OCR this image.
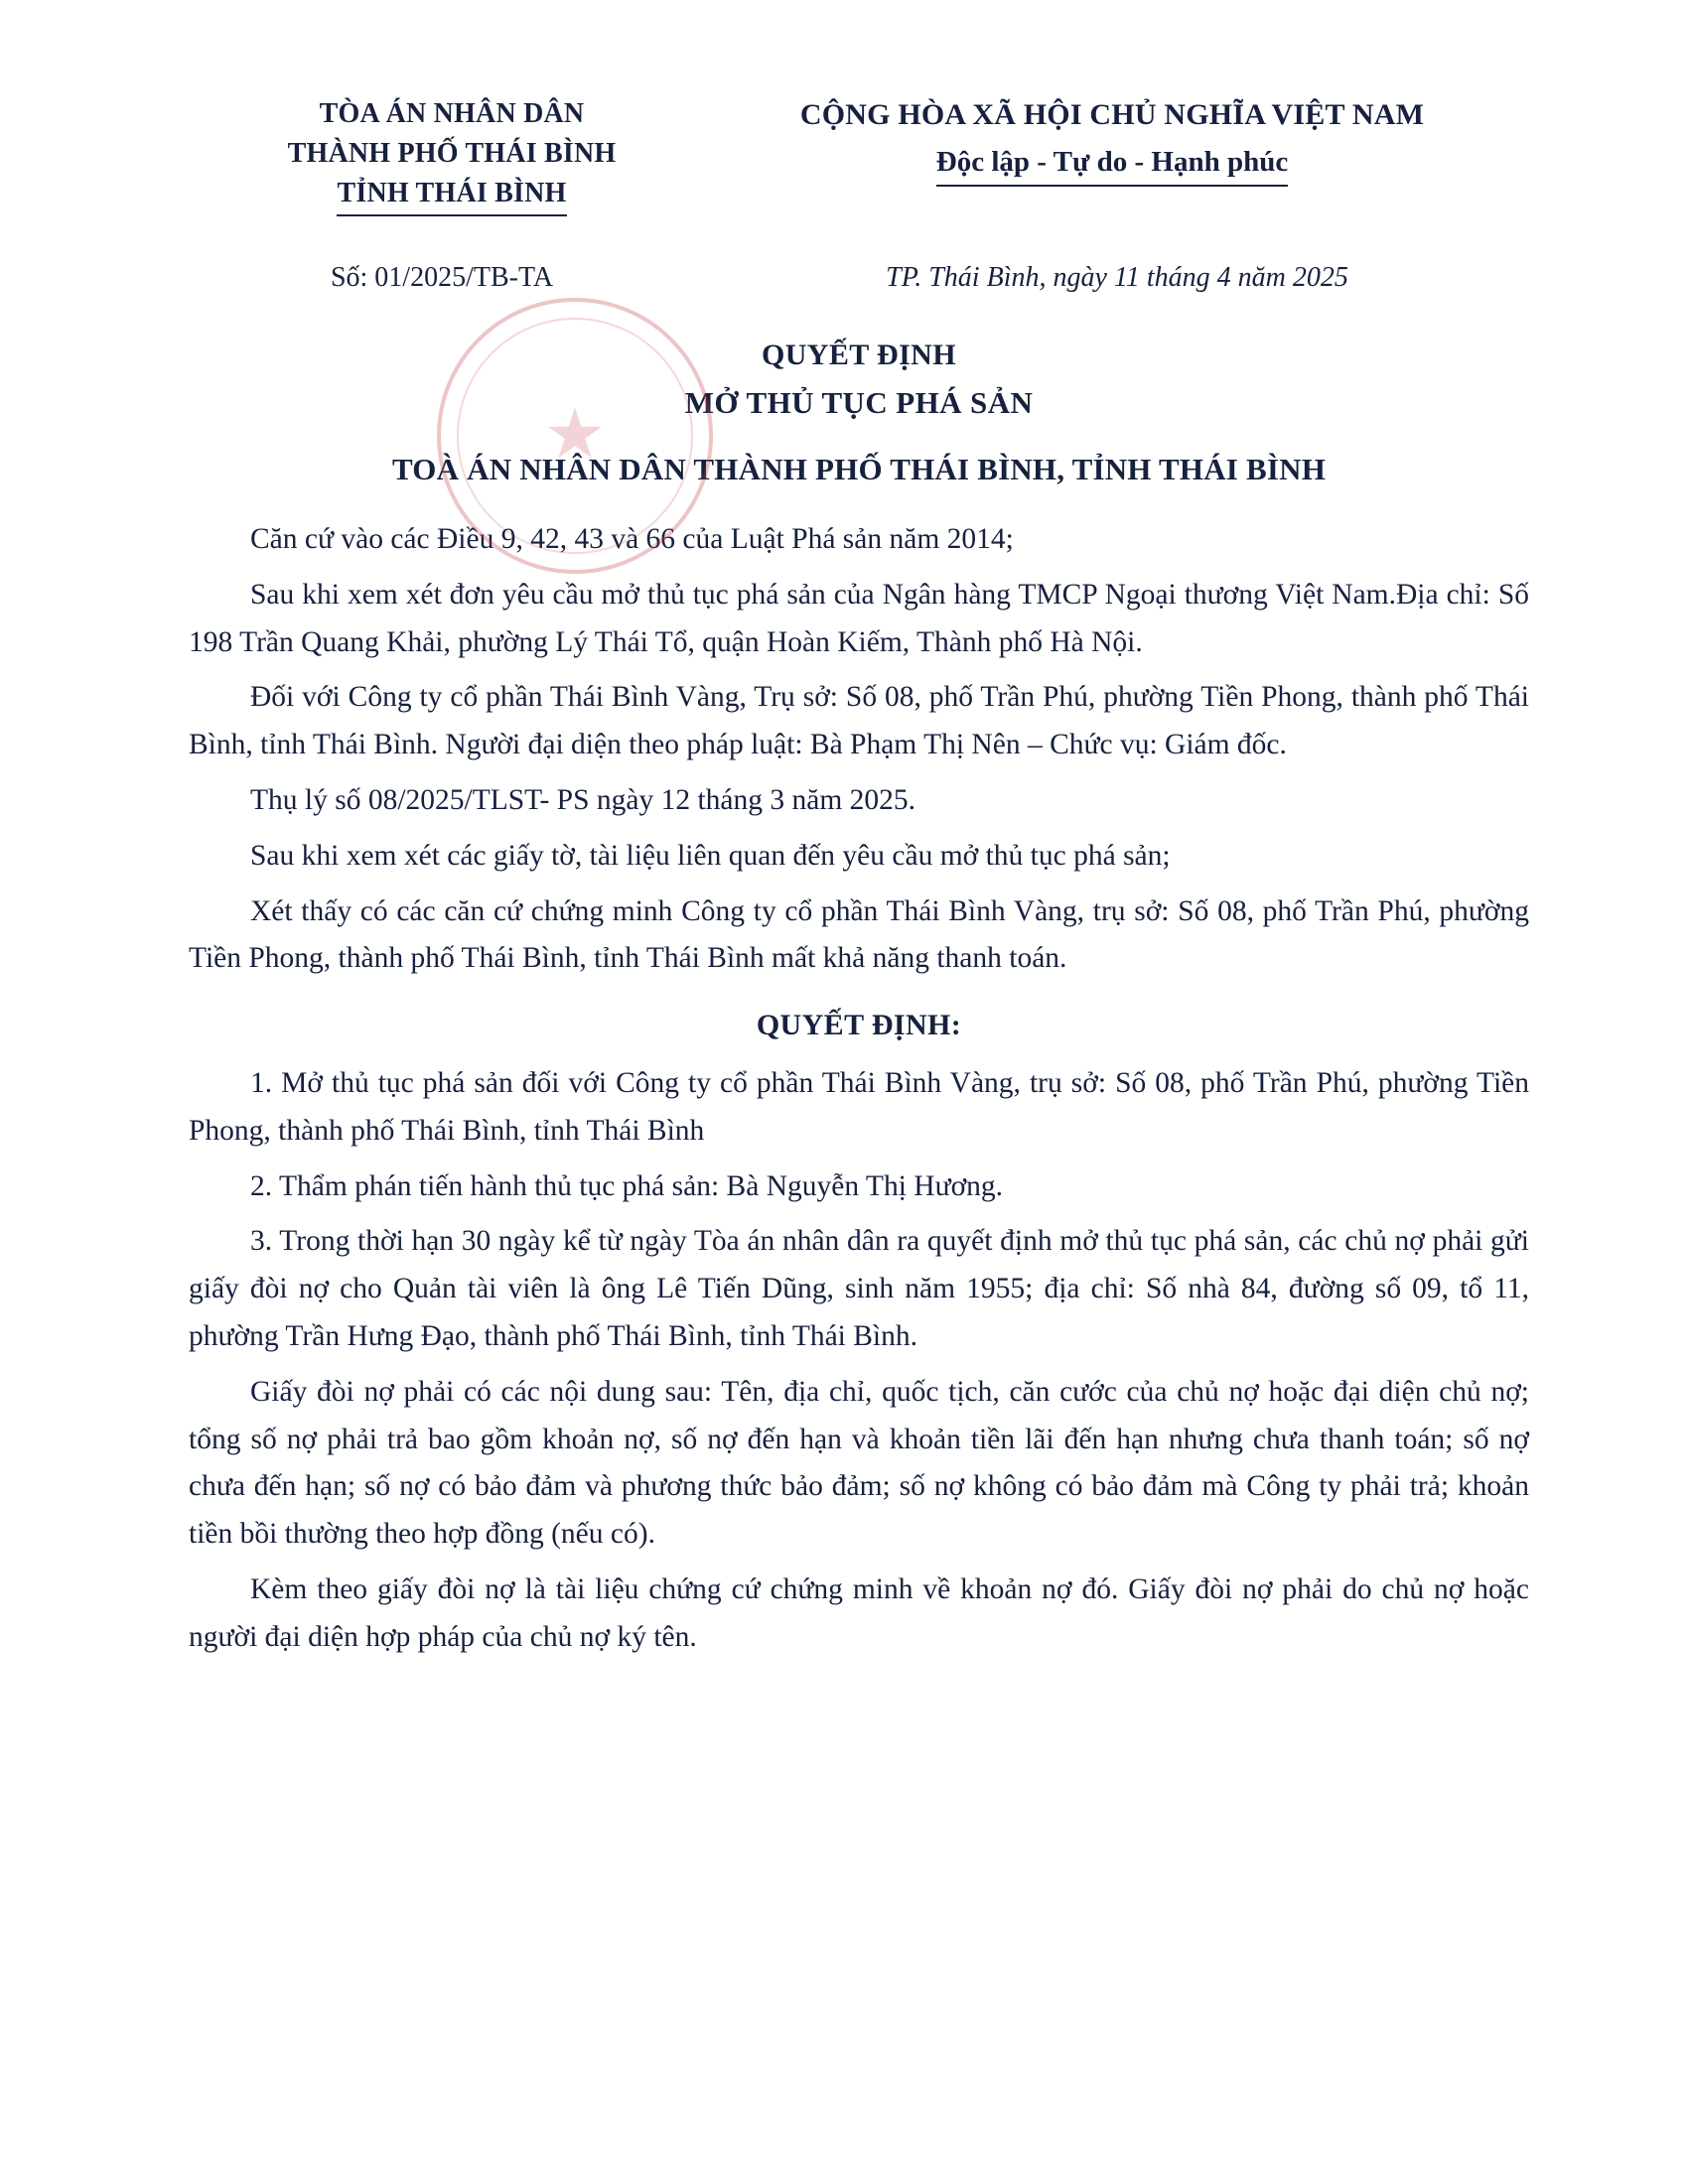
★
TÒA ÁN NHÂN DÂN
THÀNH PHỐ THÁI BÌNH
TỈNH THÁI BÌNH
CỘNG HÒA XÃ HỘI CHỦ NGHĨA VIỆT NAM
Độc lập - Tự do - Hạnh phúc
Số: 01/2025/TB-TA	TP. Thái Bình, ngày 11 tháng 4 năm 2025
QUYẾT ĐỊNH
MỞ THỦ TỤC PHÁ SẢN
TOÀ ÁN NHÂN DÂN THÀNH PHỐ THÁI BÌNH, TỈNH THÁI BÌNH

Căn cứ vào các Điều 9, 42, 43 và 66 của Luật Phá sản năm 2014;

Sau khi xem xét đơn yêu cầu mở thủ tục phá sản của Ngân hàng TMCP Ngoại thương Việt Nam.Địa chỉ: Số 198 Trần Quang Khải, phường Lý Thái Tổ, quận Hoàn Kiếm, Thành phố Hà Nội.

Đối với Công ty cổ phần Thái Bình Vàng, Trụ sở: Số 08, phố Trần Phú, phường Tiền Phong, thành phố Thái Bình, tỉnh Thái Bình. Người đại diện theo pháp luật: Bà Phạm Thị Nên – Chức vụ: Giám đốc.

Thụ lý số 08/2025/TLST- PS ngày 12 tháng 3 năm 2025.

Sau khi xem xét các giấy tờ, tài liệu liên quan đến yêu cầu mở thủ tục phá sản;

Xét thấy có các căn cứ chứng minh Công ty cổ phần Thái Bình Vàng, trụ sở: Số 08, phố Trần Phú, phường Tiền Phong, thành phố Thái Bình, tỉnh Thái Bình mất khả năng thanh toán.

QUYẾT ĐỊNH:

1. Mở thủ tục phá sản đối với Công ty cổ phần Thái Bình Vàng, trụ sở: Số 08, phố Trần Phú, phường Tiền Phong, thành phố Thái Bình, tỉnh Thái Bình

2. Thẩm phán tiến hành thủ tục phá sản: Bà Nguyễn Thị Hương.

3. Trong thời hạn 30 ngày kể từ ngày Tòa án nhân dân ra quyết định mở thủ tục phá sản, các chủ nợ phải gửi giấy đòi nợ cho Quản tài viên là ông Lê Tiến Dũng, sinh năm 1955; địa chỉ: Số nhà 84, đường số 09, tổ 11, phường Trần Hưng Đạo, thành phố Thái Bình, tỉnh Thái Bình.

Giấy đòi nợ phải có các nội dung sau: Tên, địa chỉ, quốc tịch, căn cước của chủ nợ hoặc đại diện chủ nợ; tổng số nợ phải trả bao gồm khoản nợ, số nợ đến hạn và khoản tiền lãi đến hạn nhưng chưa thanh toán; số nợ chưa đến hạn; số nợ có bảo đảm và phương thức bảo đảm; số nợ không có bảo đảm mà Công ty phải trả; khoản tiền bồi thường theo hợp đồng (nếu có).

Kèm theo giấy đòi nợ là tài liệu chứng cứ chứng minh về khoản nợ đó. Giấy đòi nợ phải do chủ nợ hoặc người đại diện hợp pháp của chủ nợ ký tên.
